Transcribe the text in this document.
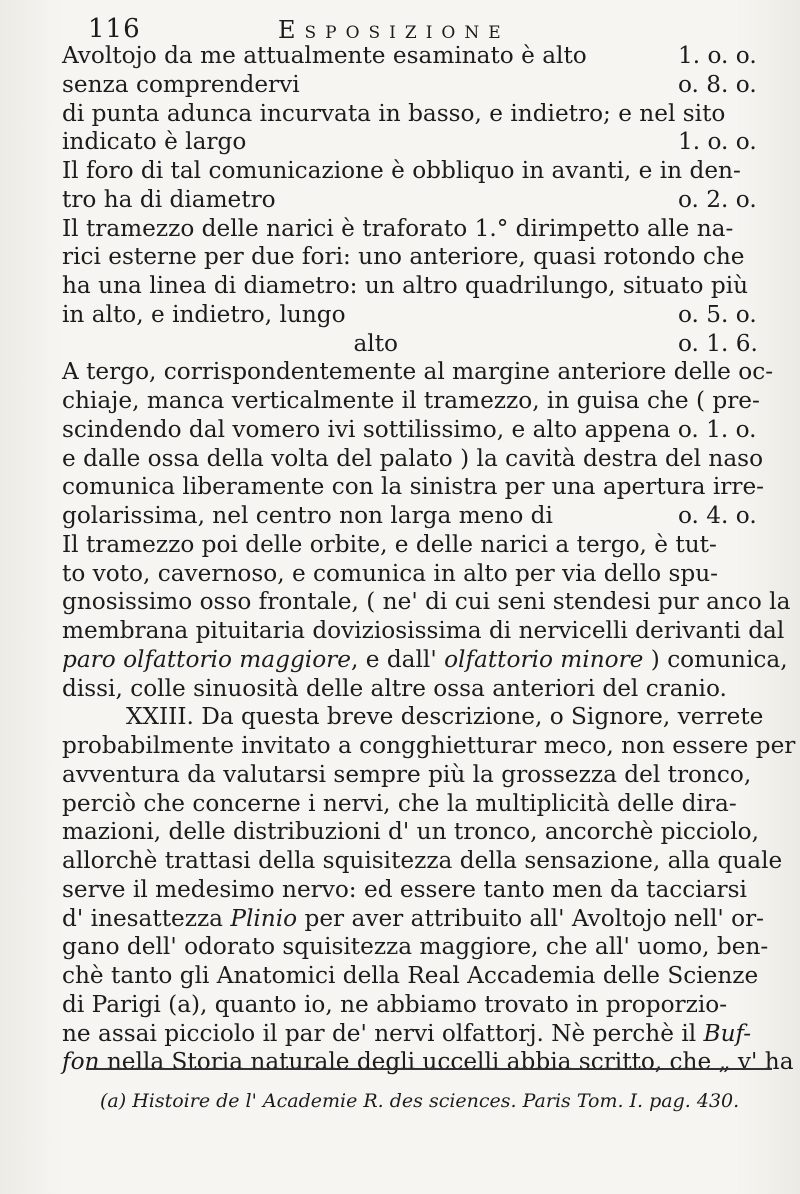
116	Esposizione
Avoltojo da me attualmente esaminato è alto	1. o. o.
senza comprendervi	o. 8. o.
di punta adunca incurvata in basso, e indietro; e nel sito
indicato è largo	1. o. o.
Il foro di tal comunicazione è obbliquo in avanti, e in den-
tro ha di diametro	o. 2. o.
Il tramezzo delle narici è traforato 1.° dirimpetto alle na-
rici esterne per due fori: uno anteriore, quasi rotondo che
ha una linea di diametro: un altro quadrilungo, situato più
in alto, e indietro, lungo	o. 5. o.
alto	o. 1. 6.
A tergo, corrispondentemente al margine anteriore delle oc-
chiaje, manca verticalmente il tramezzo, in guisa che ( pre-
scindendo dal vomero ivi sottilissimo, e alto appena o. 1. o.
e dalle ossa della volta del palato ) la cavità destra del naso
comunica liberamente con la sinistra per una apertura irre-
golarissima, nel centro non larga meno di	o. 4. o.
Il tramezzo poi delle orbite, e delle narici a tergo, è tut-
to voto, cavernoso, e comunica in alto per via dello spu-
gnosissimo osso frontale, ( ne' di cui seni stendesi pur anco la
membrana pituitaria doviziosissima di nervicelli derivanti dal
paro olfattorio maggiore, e dall' olfattorio minore ) comunica,
dissi, colle sinuosità delle altre ossa anteriori del cranio.
XXIII. Da questa breve descrizione, o Signore, verrete
probabilmente invitato a congghietturar meco, non essere per
avventura da valutarsi sempre più la grossezza del tronco,
perciò che concerne i nervi, che la multiplicità delle dira-
mazioni, delle distribuzioni d' un tronco, ancorchè picciolo,
allorchè trattasi della squisitezza della sensazione, alla quale
serve il medesimo nervo: ed essere tanto men da tacciarsi
d' inesattezza Plinio per aver attribuito all' Avoltojo nell' or-
gano dell' odorato squisitezza maggiore, che all' uomo, ben-
chè tanto gli Anatomici della Real Accademia delle Scienze
di Parigi (a), quanto io, ne abbiamo trovato in proporzio-
ne assai picciolo il par de' nervi olfattorj. Nè perchè il Buf-
fon nella Storia naturale degli uccelli abbia scritto, che „ v' ha
(a) Histoire de l' Academie R. des sciences. Paris Tom. I. pag. 430.
